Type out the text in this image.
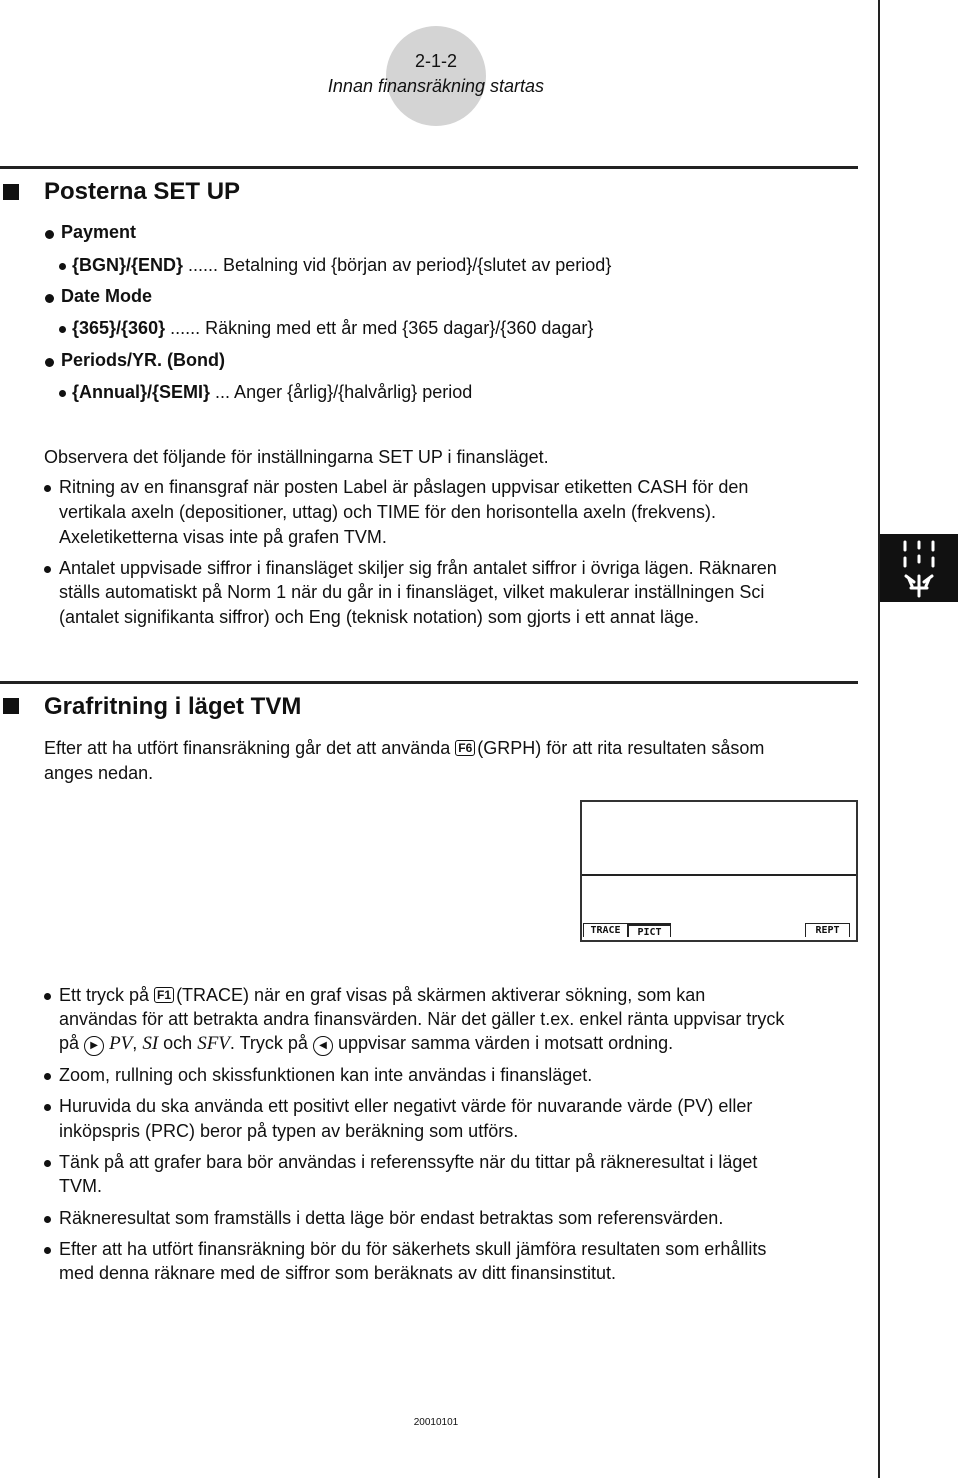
2-1-2
Innan finansräkning startas
Posterna SET UP
Payment
{BGN}/{END} ...... Betalning vid {början av period}/{slutet av period}
Date Mode
{365}/{360} ...... Räkning med ett år med {365 dagar}/{360 dagar}
Periods/YR. (Bond)
{Annual}/{SEMI} ... Anger {årlig}/{halvårlig} period
Observera det följande för inställningarna SET UP i finansläget.
Ritning av en finansgraf när posten Label är påslagen uppvisar etiketten CASH för den
vertikala axeln (depositioner, uttag) och TIME för den horisontella axeln (frekvens).
Axeletiketterna visas inte på grafen TVM.
Antalet uppvisade siffror i finansläget skiljer sig från antalet siffror i övriga lägen. Räknaren
ställs automatiskt på Norm 1 när du går in i finansläget, vilket makulerar inställningen Sci
(antalet signifikanta siffror) och Eng (teknisk notation) som gjorts i ett annat läge.
Grafritning i läget TVM
Efter att ha utfört finansräkning går det att använda F6 (GRPH) för att rita resultaten såsom
anges nedan.
TRACE	PICT	REPT
Ett tryck på F1 (TRACE) när en graf visas på skärmen aktiverar sökning, som kan
användas för att betrakta andra finansvärden. När det gäller t.ex. enkel ränta uppvisar tryck
på ▶ PV, SI och SFV. Tryck på ◀ uppvisar samma värden i motsatt ordning.
Zoom, rullning och skissfunktionen kan inte användas i finansläget.
Huruvida du ska använda ett positivt eller negativt värde för nuvarande värde (PV) eller
inköpspris (PRC) beror på typen av beräkning som utförs.
Tänk på att grafer bara bör användas i referenssyfte när du tittar på räkneresultat i läget
TVM.
Räkneresultat som framställs i detta läge bör endast betraktas som referensvärden.
Efter att ha utfört finansräkning bör du för säkerhets skull jämföra resultaten som erhållits
med denna räknare med de siffror som beräknats av ditt finansinstitut.
20010101
